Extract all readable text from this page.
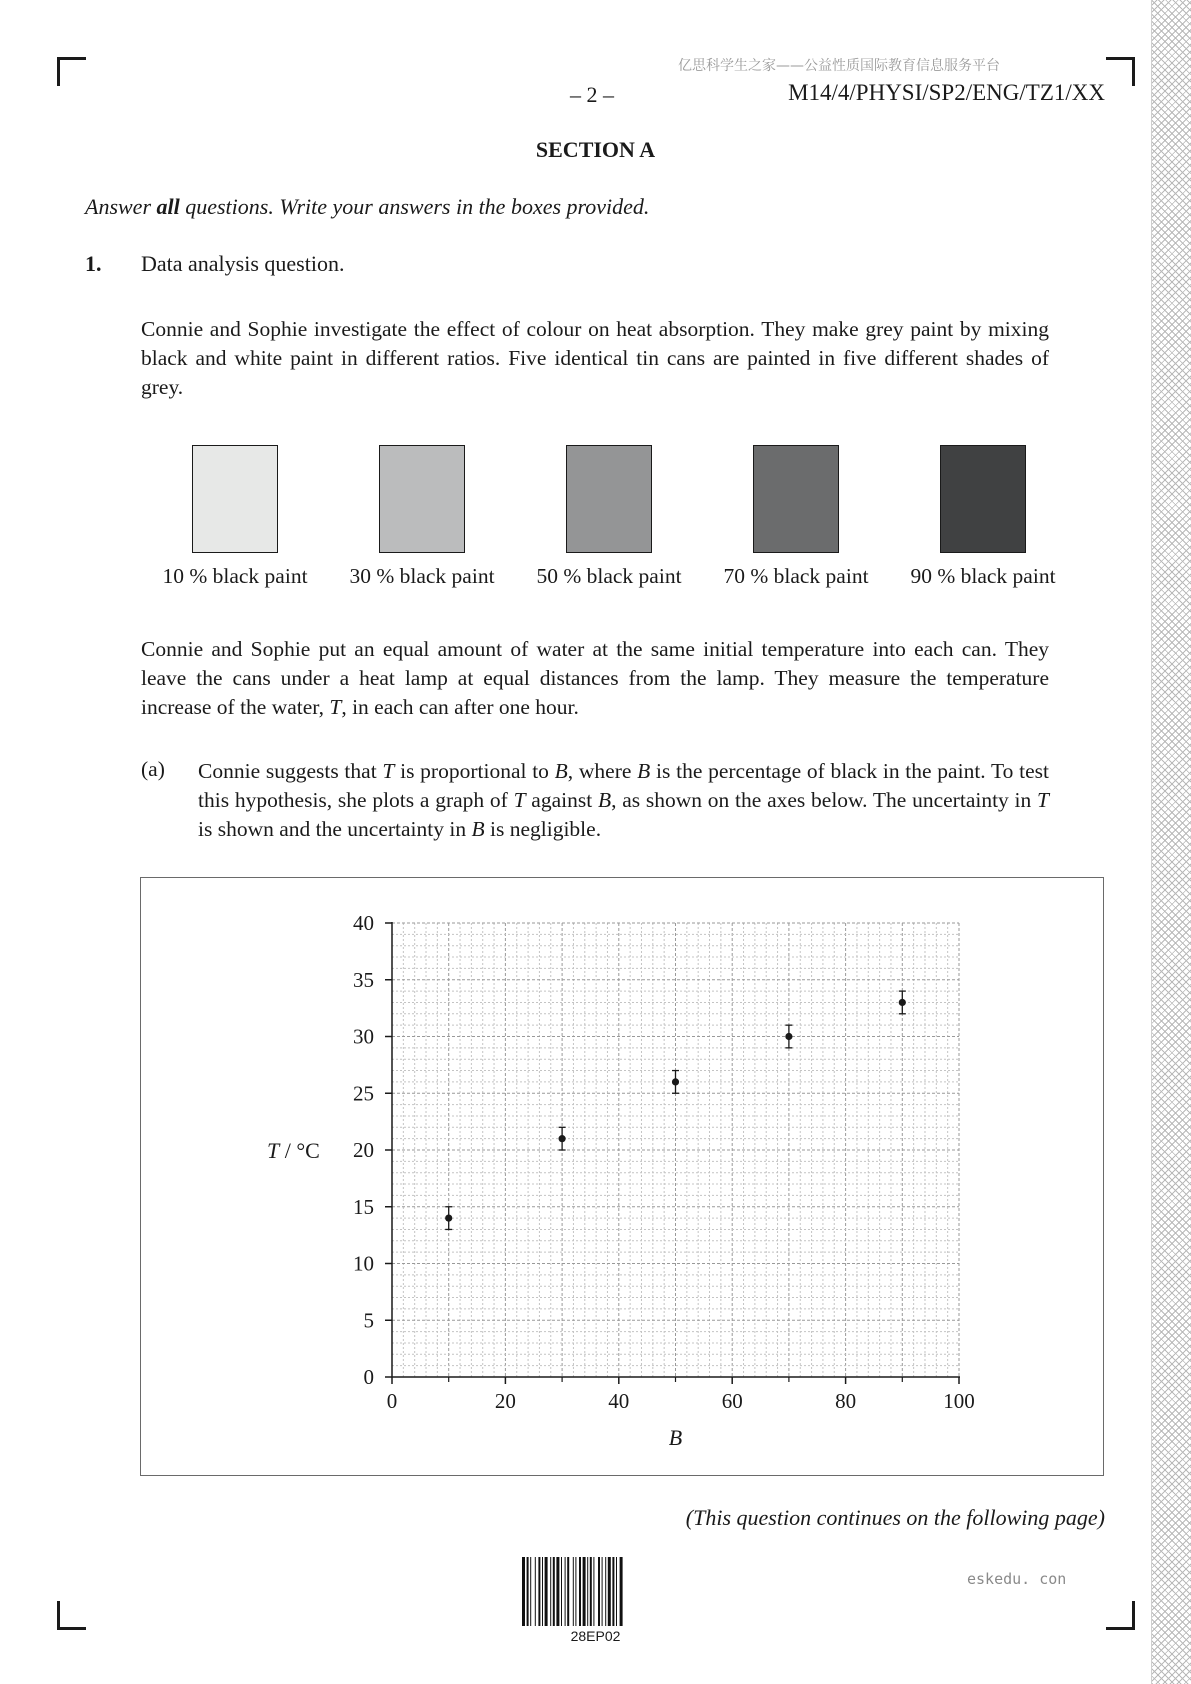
亿思科学生之家——公益性质国际教育信息服务平台
– 2 –	M14/4/PHYSI/SP2/ENG/TZ1/XX
SECTION A
Answer all questions. Write your answers in the boxes provided.
1. Data analysis question.
Connie and Sophie investigate the effect of colour on heat absorption. They make grey paint by mixing black and white paint in different ratios. Five identical tin cans are painted in five different shades of grey.
10 % black paint	30 % black paint	50 % black paint	70 % black paint	90 % black paint
Connie and Sophie put an equal amount of water at the same initial temperature into each can. They leave the cans under a heat lamp at equal distances from the lamp. They measure the temperature increase of the water, T, in each can after one hour.
(a) Connie suggests that T is proportional to B, where B is the percentage of black in the paint. To test this hypothesis, she plots a graph of T against B, as shown on the axes below. The uncertainty in T is shown and the uncertainty in B is negligible.
0
5
10
15
20
25
30
35
40
0	20	40	60	80	100
B
T / °C
(This question continues on the following page)
28EP02
eskedu. con
